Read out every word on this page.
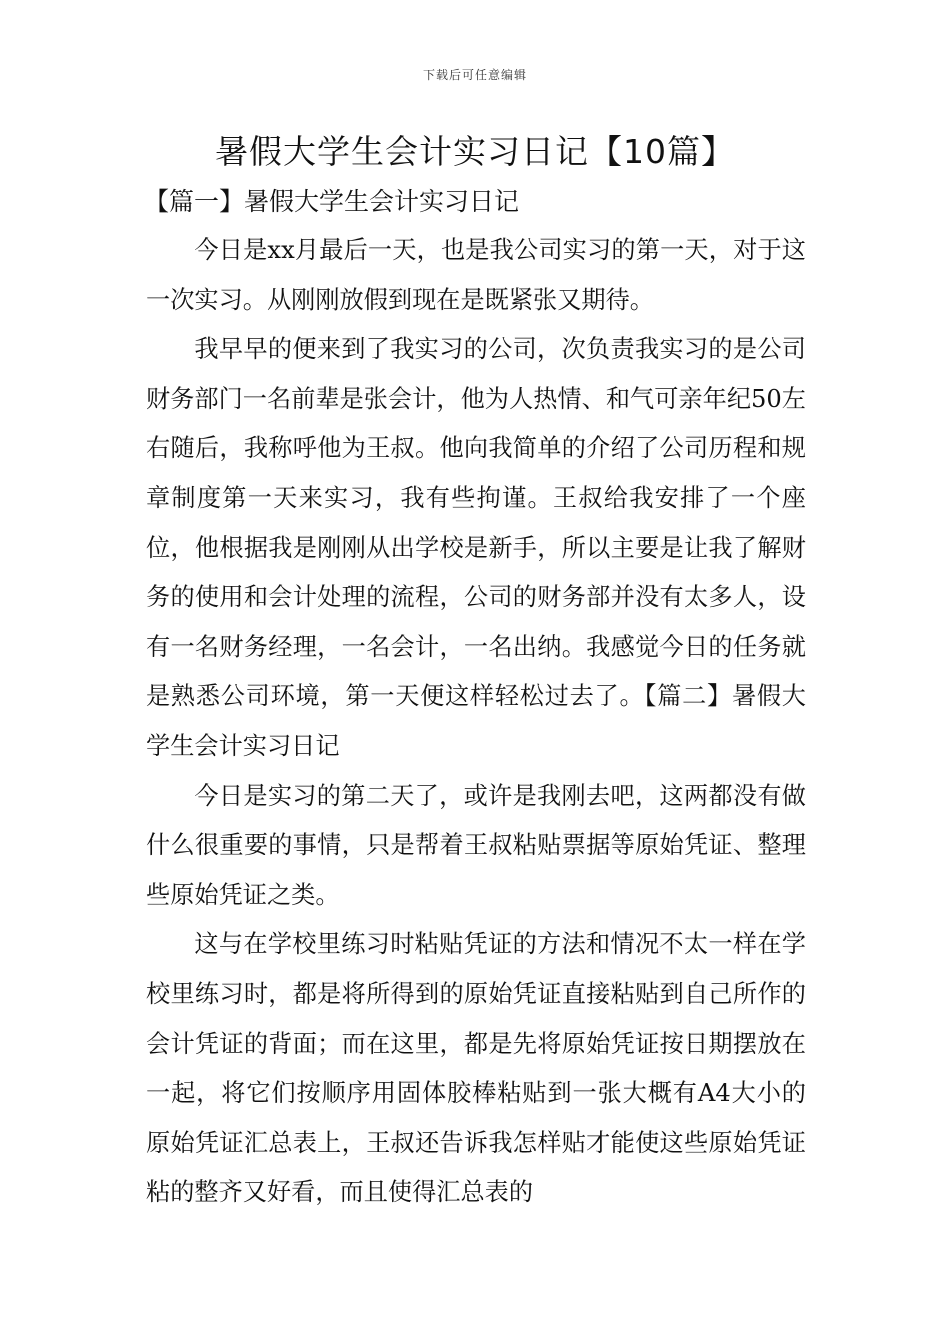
下载后可任意编辑
暑假大学生会计实习日记【10篇】
【篇一】暑假大学生会计实习日记

今日是xx月最后一天，也是我公司实习的第一天，对于这一次实习。从刚刚放假到现在是既紧张又期待。

我早早的便来到了我实习的公司，次负责我实习的是公司财务部门一名前辈是张会计，他为人热情、和气可亲年纪50左右随后，我称呼他为王叔。他向我简单的介绍了公司历程和规章制度第一天来实习，我有些拘谨。王叔给我安排了一个座位，他根据我是刚刚从出学校是新手，所以主要是让我了解财务的使用和会计处理的流程，公司的财务部并没有太多人，设有一名财务经理，一名会计，一名出纳。我感觉今日的任务就是熟悉公司环境，第一天便这样轻松过去了。【篇二】暑假大学生会计实习日记

今日是实习的第二天了，或许是我刚去吧，这两都没有做什么很重要的事情，只是帮着王叔粘贴票据等原始凭证、整理些原始凭证之类。

这与在学校里练习时粘贴凭证的方法和情况不太一样在学校里练习时，都是将所得到的原始凭证直接粘贴到自己所作的会计凭证的背面；而在这里，都是先将原始凭证按日期摆放在一起，将它们按顺序用固体胶棒粘贴到一张大概有A4大小的原始凭证汇总表上，王叔还告诉我怎样贴才能使这些原始凭证粘的整齐又好看，而且使得汇总表的
